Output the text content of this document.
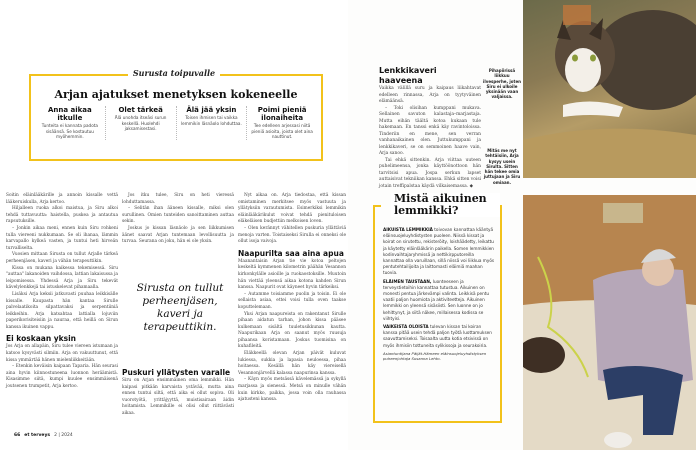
Arjan ajatukset menetyksen kokeneelle
Anna aikaa itkulle

Tunteita ei kannata padota sisäänsä. Se kostautuu myöhemmin.

Olet tärkeä

Älä unohda itseäsi surun keskellä. Huolehdi jaksamisestasi.

Älä jää yksin

Toisen ihmisen tai vaikka lemmikin läsnäolo lohduttaa.

Poimi pieniä ilonaiheita

Tee edelleen arjessasi niitä pieniä asioita, joista olet aina nauttinut.

Surusta toipuvalle

Soitin eläinlääkärille ja annoin kissalle vettä lääkeruiskulla, Arja kertoo.

Hiljalleen ruoka alkoi maistua, ja Siru alkoi tehdä tuttavuutta: haistella, puskea ja antautua rapsutuksille.

– Jonkin aikaa meni, ennen kuin Siru rohkeni tulla viereeni nukkumaan. Se oli ihanaa, lämmin karvapallo kylkeä vasten, ja tuntui heti hirveän turvalliselta.

Vuosien mittaan Sirusta on tullut Arjalle tärkeä perheenjäsen, kaveri ja vähän terapeuttikin.

Kissa on mukana kaikessa tekemisessä. Siru "auttaa" lakanoiden vaihdossa, lattian lakaisussa ja leipomisessa. Yhdessä Arja ja Siru tekevät kävelylenkkejä tai istuskelevat pihamaalla.

Lisäksi Arja keksii jatkuvasti puuhaa leikkisälle kissalle. Kaupasta hän kantaa Sirulle palvelaatikoita silpattavaksi ja serpentiiniä leikkeihin. Arja katsahtaa lattialla lojuviin paperikorisiteisiin ja nauraa, että heillä on Sirun kanssa ikuinen vappu.

Ei koskaan yksin

Jos Arja on allapäin, Siru tulee viereen istumaan ja katsoo kysyvästi silmiin. Arja on vakuuttunut, että kissa ymmärtää hänen mielenliikkeitään.

– Etenkin keväisin kaipaan Taparia. Hän seurasi aina hyvin kiinnostuneena luonnon heräämistä. Kisasimme siitä, kumpi kuulee ensimmäisenä joutsenen trumpetit, Arja kertoo.

Jos itku tulee, Siru on heti vieressä lohduttamassa.

– Selitän ihan ääneen kissalle, miksi olen surullinen. Omien tunteiden sanoittaminen auttaa sekin.

Joskus jo kissan läsnäolo ja sen liikkumisen äänet saavat Arjan tuntemaan levollisuutta ja turvaa. Seurana on joku, hän ei ole yksin.

Sirusta on tullut perheenjäsen, kaveri ja terapeuttikin.
Puskuri yllätysten varalle

Siru on Arjan ensimmäinen oma lemmikki. Hän kaipasi pitkään karvaista ystävää, mutta aina ennen tuntui siltä, että aika ei ollut sopiva. Oli vuorotyötä, yrittäjyyttä, muistisairaan äidin hoitamista. Lemmikille ei olisi ollut riittävästi aikaa.

Nyt aikaa on. Arja tiedostaa, että kissan omistaminen merkitsee myös vastuuta ja yllätyksiin varautumista. Esimerkiksi lemmikin eläinlääkärikulut voivat tehdä pienituloisen eläkeläisen budjettiin melkoisen loven.

– Olen kerännyt vähitellen puskuria yllättäviä menoja varten. Toistaiseksi Sirulla ei onneksi ole ollut isoja vaivoja.

Naapurilta saa aina apua

Maanantaisin Arjan tie vie kotoa peltojen keskeltä kymmenen kilometrin päähän Vesannon kirkonkylälle asioille ja ruokaostoksille. Muutoin hän viettää yleensä aikaa kotona kahden Sirun kanssa. Naapurit ovat käyneet hyvin tärkeiksi.

– Autamme toisiamme puolin ja toisin. Ei ole sellaista asiaa, ettei voisi tulla oven taakse koputtelemaan.

Yksi Arjan naapureista on rakentanut Sirulle pihaan aidatun tarhan, johon kissa pääsee kulkemaan sisältä tuuletusikkunan kautta. Naapurikaan Arja on saanut myös ruusuja pihaansa koristamaan. Joskus tuomisina on kuhafileitä.

Eläkkeellä olevan Arjan päivät kuluvat lukiessa, sukkia ja lapasia neuloessa, pihaa hoitaessa. Kesällä hän käy viereisellä Vesannonjärvellä kalassa naapurinsa kanssa.

– Käyn myös metsässä kävelemässä ja sykyllä marjassa ja sienessä. Metsä on minulle vähän kuin kirkko, paikka, jossa voin olla rauhassa ajatusteni kanssa.

66 et terveys 2 | 2024
Lenkkikaveri haaveena

Vaikka välillä suru ja kaipaus liikahtavat edelleen rinnassa, Arja on tyytyväinen elämäänsä.

– Toki olisihan kumppani mukava. Sellainen savuton kalastaja–marjastaja. Mutta eihän täältä kotoa kukaan tule hakemaan. En tanssi enkä käy ravintoloissa. Tinderiin en mene, sen verran vanhanaikainen olen. Juttukumppani ja lenkkikaveri, se on semmoinen haave vain, Arja sanoo.

Tai ehkä sittenkin. Arja viittaa uuteen puhelimeensa, jonka käyttöönottoon hän tarvitsisi apua. Jospa serkun lapset auttaisivat tekniikan kanssa. Ehkä sitten voisi jotain treffipalstaa käydä vilkaisemassa. ◆

Pihapiirissä liikkuu ilvesperhe, joten Siru ei ulkoile yksinään vaan valjaissa.
Mitäs me nyt tehtäisiin, Arja kysyy usein Sirulta. Sitten hän tekee omia juttujaan ja Siru omiaan.
Mistä aikuinen lemmikki?

AIKUISTA LEMMIKKIÄ toivovan kannattaa kääntyä eläinsuojeluyhdistysten puoleen. Niissä kissat ja koirat on sirutettu, rekisteröity, loishäädetty, leikattu ja käytetty eläinlääkärin paikella. Somen lemmikkien kodinvaihtajaryhmissä ja nettikirpputoreilla kannattaa olla varuillaan, sillä niissä voi liikkua myös pentutehtailijoita ja laittomasti eläimiä maahan tuovia.

ELÄIMEN TAUSTAAN, luonteeseen ja terveystietoihin kannattaa tutustua. Aikuinen on monesti pentua järkevämpi valinta. Leikkisä pentu vaatii paljon huomiota ja aktiviteetteja. Aikuinen lemmikki on yleensä sisäsiisti. Sen luonne on jo kehittynyt, ja siitä näkee, millaisessa kodissa se viihtyisi.

VAIKEISTA OLOISTA tulevan kissan tai koiran kanssa pitää usein tehdä paljon työtä luottamuksen saavuttamiseksi. Toisaalta uutta kotia etsivissä on myös ihmisiin tottuneita sylikissoja ja seurakoiria.

Asiantuntijana Päijät-Hämeen eläinsuojeluyhdistyksen puheenjohtaja Susanna Lehto.
